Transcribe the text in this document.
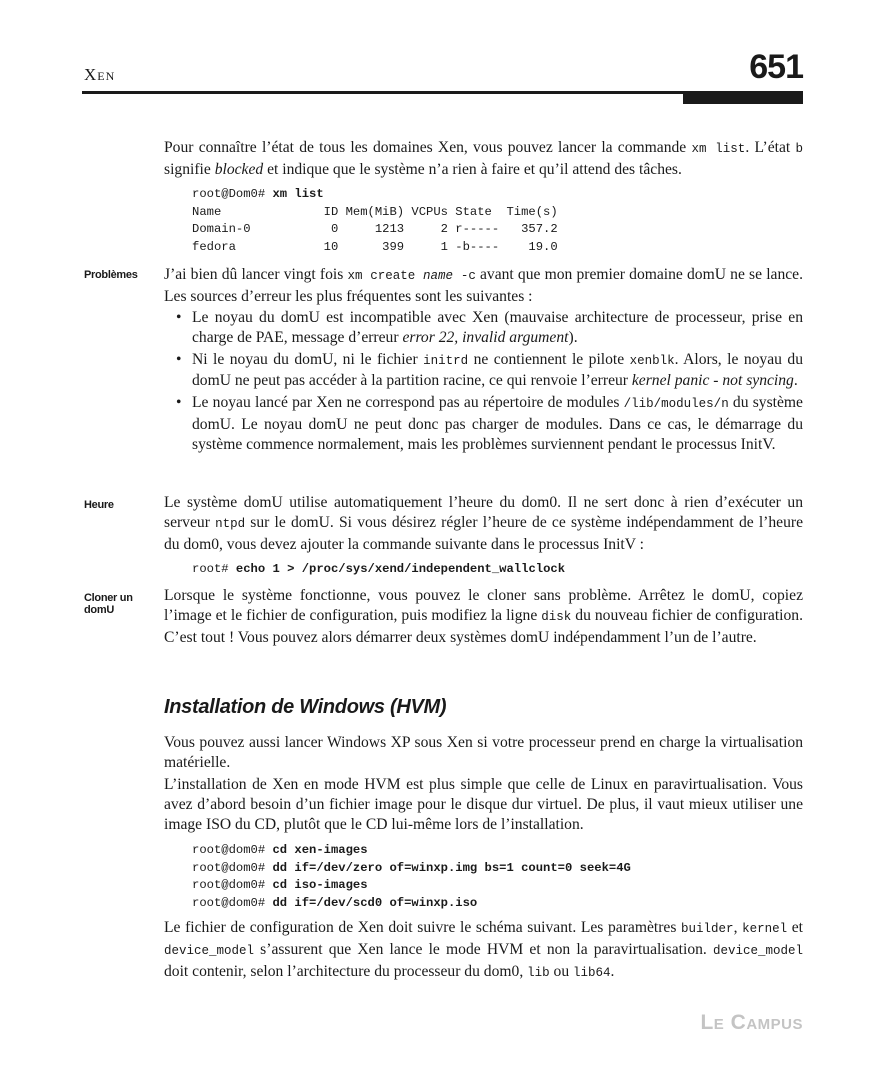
Xen	651
Pour connaître l’état de tous les domaines Xen, vous pouvez lancer la commande xm list. L’état b signifie blocked et indique que le système n’a rien à faire et qu’il attend des tâches.
root@Dom0# xm list
Name              ID Mem(MiB) VCPUs State  Time(s)
Domain-0           0     1213     2 r-----   357.2
fedora            10      399     1 -b----    19.0
Problèmes	J’ai bien dû lancer vingt fois xm create name -c avant que mon premier domaine domU ne se lance. Les sources d’erreur les plus fréquentes sont les suivantes :
• Le noyau du domU est incompatible avec Xen (mauvaise architecture de processeur, prise en charge de PAE, message d’erreur error 22, invalid argument).
• Ni le noyau du domU, ni le fichier initrd ne contiennent le pilote xenblk. Alors, le noyau du domU ne peut pas accéder à la partition racine, ce qui renvoie l’erreur kernel panic - not syncing.
• Le noyau lancé par Xen ne correspond pas au répertoire de modules /lib/modules/n du système domU. Le noyau domU ne peut donc pas charger de modules. Dans ce cas, le démarrage du système commence normalement, mais les problèmes surviennent pendant le processus InitV.
Heure	Le système domU utilise automatiquement l’heure du dom0. Il ne sert donc à rien d’exécuter un serveur ntpd sur le domU. Si vous désirez régler l’heure de ce système indépendamment de l’heure du dom0, vous devez ajouter la commande suivante dans le processus InitV :
root# echo 1 > /proc/sys/xend/independent_wallclock
Cloner un domU
Lorsque le système fonctionne, vous pouvez le cloner sans problème. Arrêtez le domU, copiez l’image et le fichier de configuration, puis modifiez la ligne disk du nouveau fichier de configuration. C’est tout ! Vous pouvez alors démarrer deux systèmes domU indépendamment l’un de l’autre.
Installation de Windows (HVM)
Vous pouvez aussi lancer Windows XP sous Xen si votre processeur prend en charge la virtualisation matérielle.
L’installation de Xen en mode HVM est plus simple que celle de Linux en paravirtualisation. Vous avez d’abord besoin d’un fichier image pour le disque dur virtuel. De plus, il vaut mieux utiliser une image ISO du CD, plutôt que le CD lui-même lors de l’installation.
root@dom0# cd xen-images
root@dom0# dd if=/dev/zero of=winxp.img bs=1 count=0 seek=4G
root@dom0# cd iso-images
root@dom0# dd if=/dev/scd0 of=winxp.iso
Le fichier de configuration de Xen doit suivre le schéma suivant. Les paramètres builder, kernel et device_model s’assurent que Xen lance le mode HVM et non la paravirtualisation. device_model doit contenir, selon l’architecture du processeur du dom0, lib ou lib64.
Le Campus
